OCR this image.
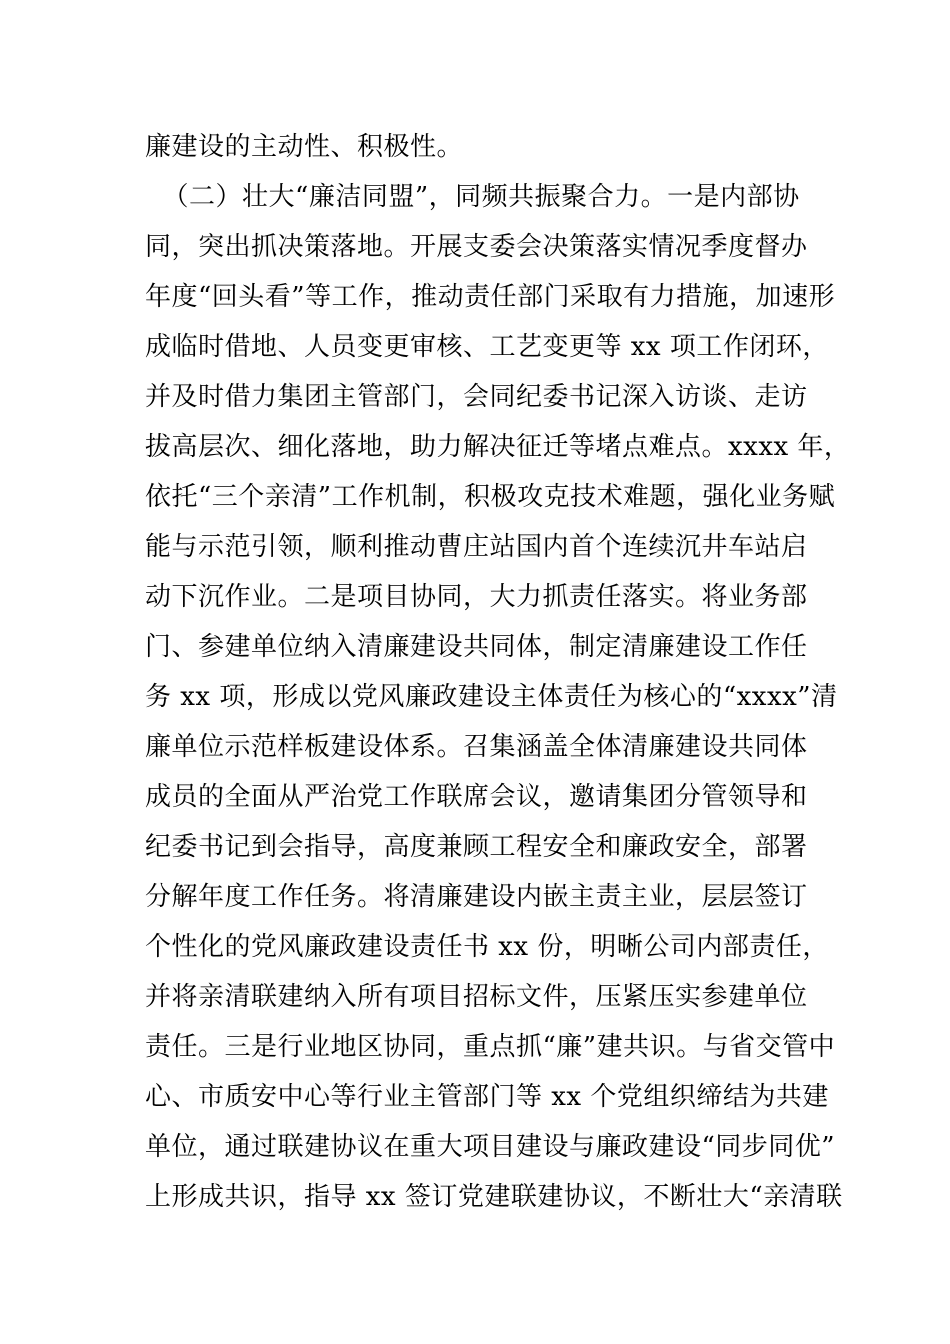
廉建设的主动性、积极性。
（二）壮大“廉洁同盟”，同频共振聚合力。一是内部协
同，突出抓决策落地。开展支委会决策落实情况季度督办
年度“回头看”等工作，推动责任部门采取有力措施，加速形
成临时借地、人员变更审核、工艺变更等 xx 项工作闭环，
并及时借力集团主管部门，会同纪委书记深入访谈、走访
拔高层次、细化落地，助力解决征迁等堵点难点。xxxx 年，
依托“三个亲清”工作机制，积极攻克技术难题，强化业务赋
能与示范引领，顺利推动曹庄站国内首个连续沉井车站启
动下沉作业。二是项目协同，大力抓责任落实。将业务部
门、参建单位纳入清廉建设共同体，制定清廉建设工作任
务 xx 项，形成以党风廉政建设主体责任为核心的“xxxx”清
廉单位示范样板建设体系。召集涵盖全体清廉建设共同体
成员的全面从严治党工作联席会议，邀请集团分管领导和
纪委书记到会指导，高度兼顾工程安全和廉政安全，部署
分解年度工作任务。将清廉建设内嵌主责主业，层层签订
个性化的党风廉政建设责任书 xx 份，明晰公司内部责任，
并将亲清联建纳入所有项目招标文件，压紧压实参建单位
责任。三是行业地区协同，重点抓“廉”建共识。与省交管中
心、市质安中心等行业主管部门等 xx 个党组织缔结为共建
单位，通过联建协议在重大项目建设与廉政建设“同步同优”
上形成共识，指导 xx 签订党建联建协议，不断壮大“亲清联
